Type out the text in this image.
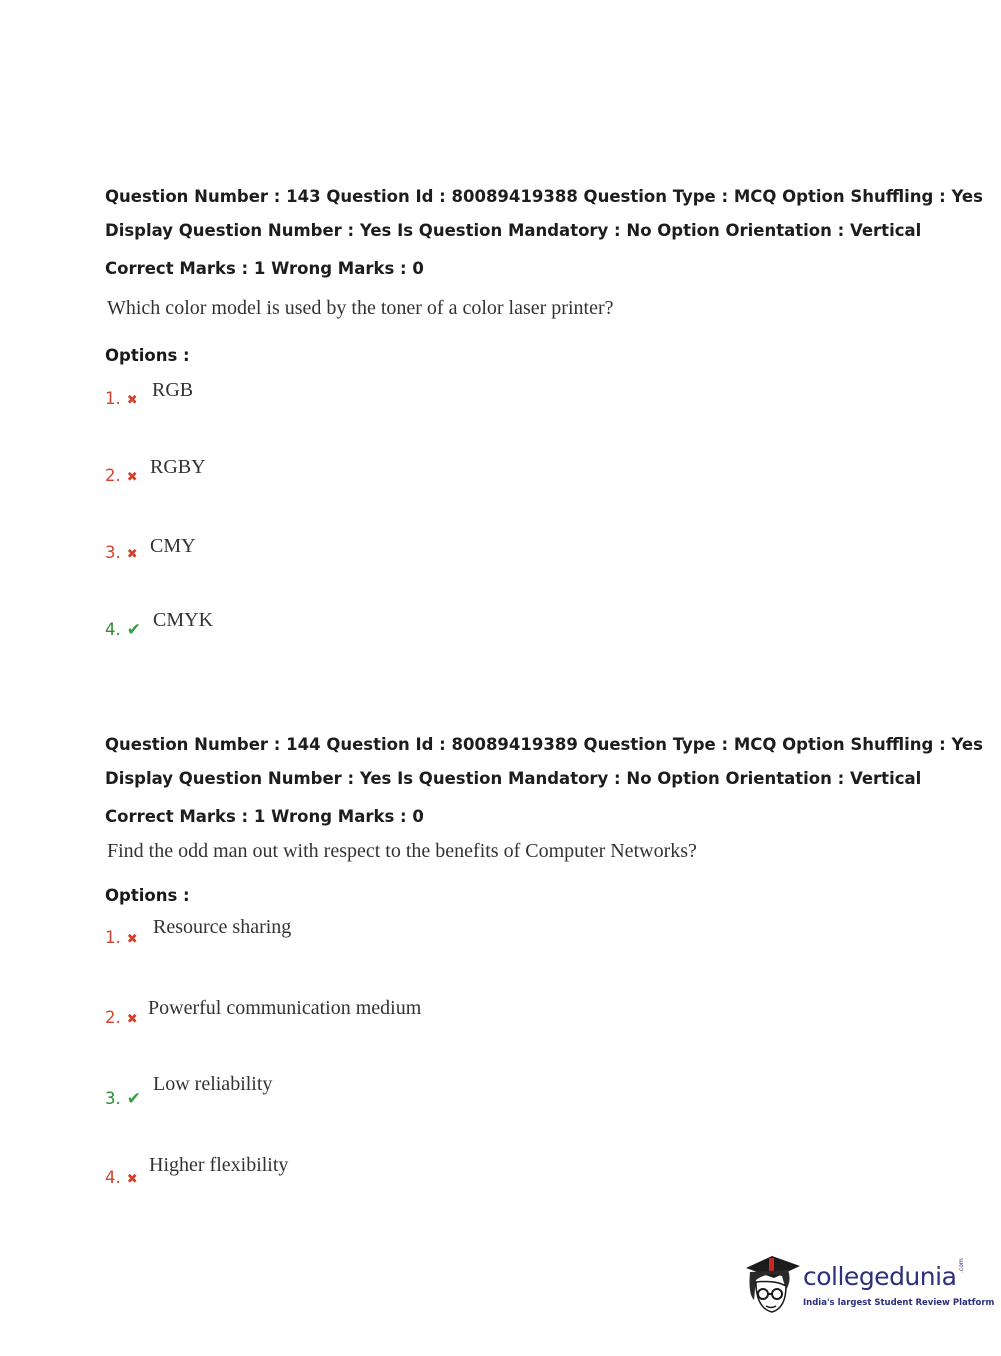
Question Number : 143 Question Id : 80089419388 Question Type : MCQ Option Shuffling : Yes
Display Question Number : Yes Is Question Mandatory : No Option Orientation : Vertical
Correct Marks : 1 Wrong Marks : 0
Which color model is used by the toner of a color laser printer?
Options :
1. ✖ RGB
2. ✖ RGBY
3. ✖ CMY
4. ✔ CMYK
Question Number : 144 Question Id : 80089419389 Question Type : MCQ Option Shuffling : Yes
Display Question Number : Yes Is Question Mandatory : No Option Orientation : Vertical
Correct Marks : 1 Wrong Marks : 0
Find the odd man out with respect to the benefits of Computer Networks?
Options :
1. ✖
Resource sharing
2. ✖
Powerful communication medium
3. ✔
Low reliability
4. ✖
Higher flexibility
collegedunia .com
India's largest Student Review Platform
